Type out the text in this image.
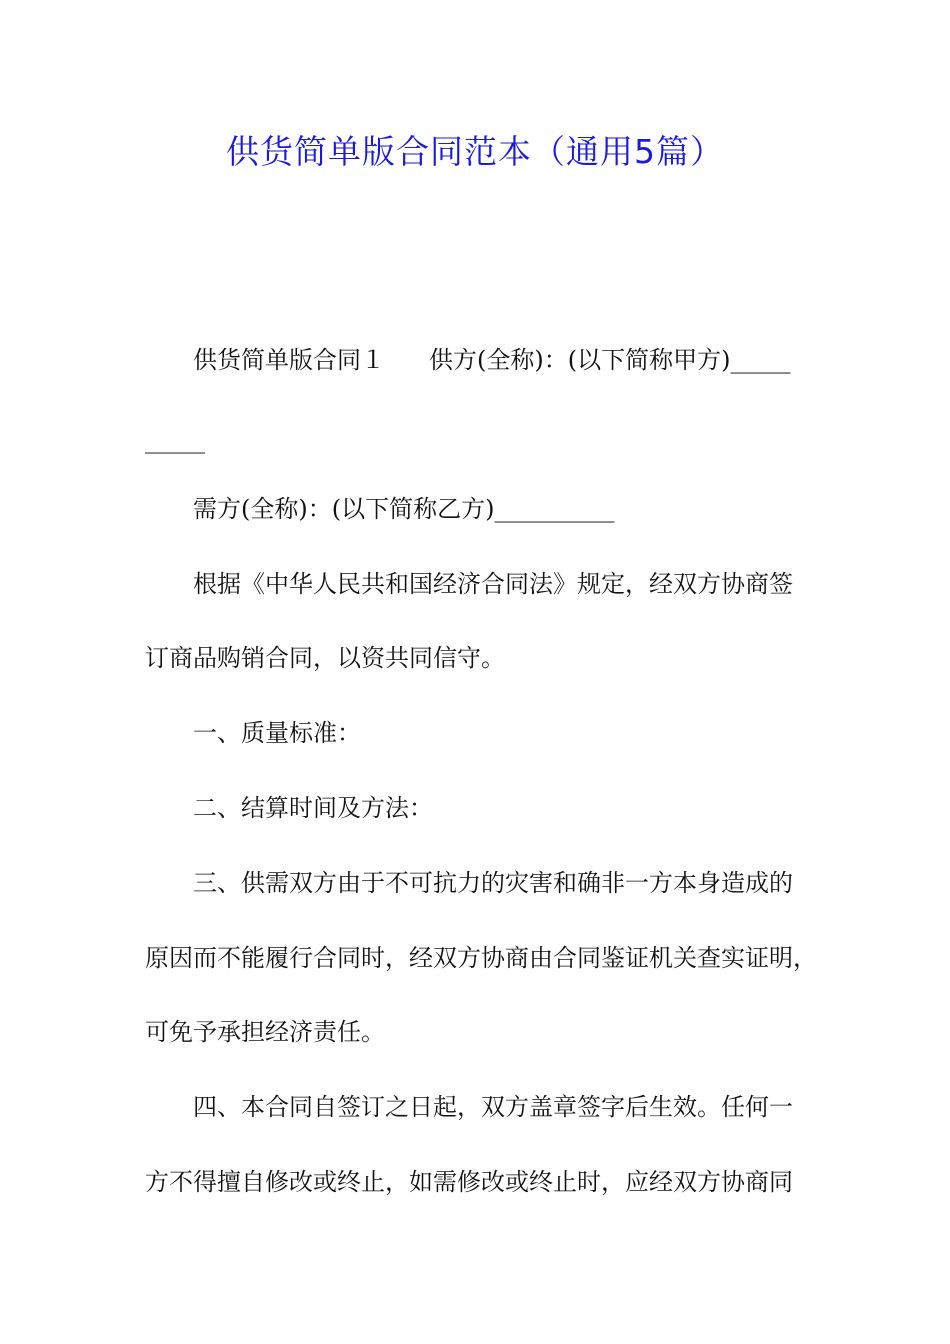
供货简单版合同范本（通用5篇）
供货简单版合同１ 供方(全称)：(以下简称甲方)_____
_____
需方(全称)：(以下简称乙方)__________
根据《中华人民共和国经济合同法》规定，经双方协商签
订商品购销合同，以资共同信守。
一、质量标准：
二、结算时间及方法：
三、供需双方由于不可抗力的灾害和确非一方本身造成的
原因而不能履行合同时，经双方协商由合同鉴证机关查实证明，
可免予承担经济责任。
四、本合同自签订之日起，双方盖章签字后生效。任何一
方不得擅自修改或终止，如需修改或终止时，应经双方协商同
